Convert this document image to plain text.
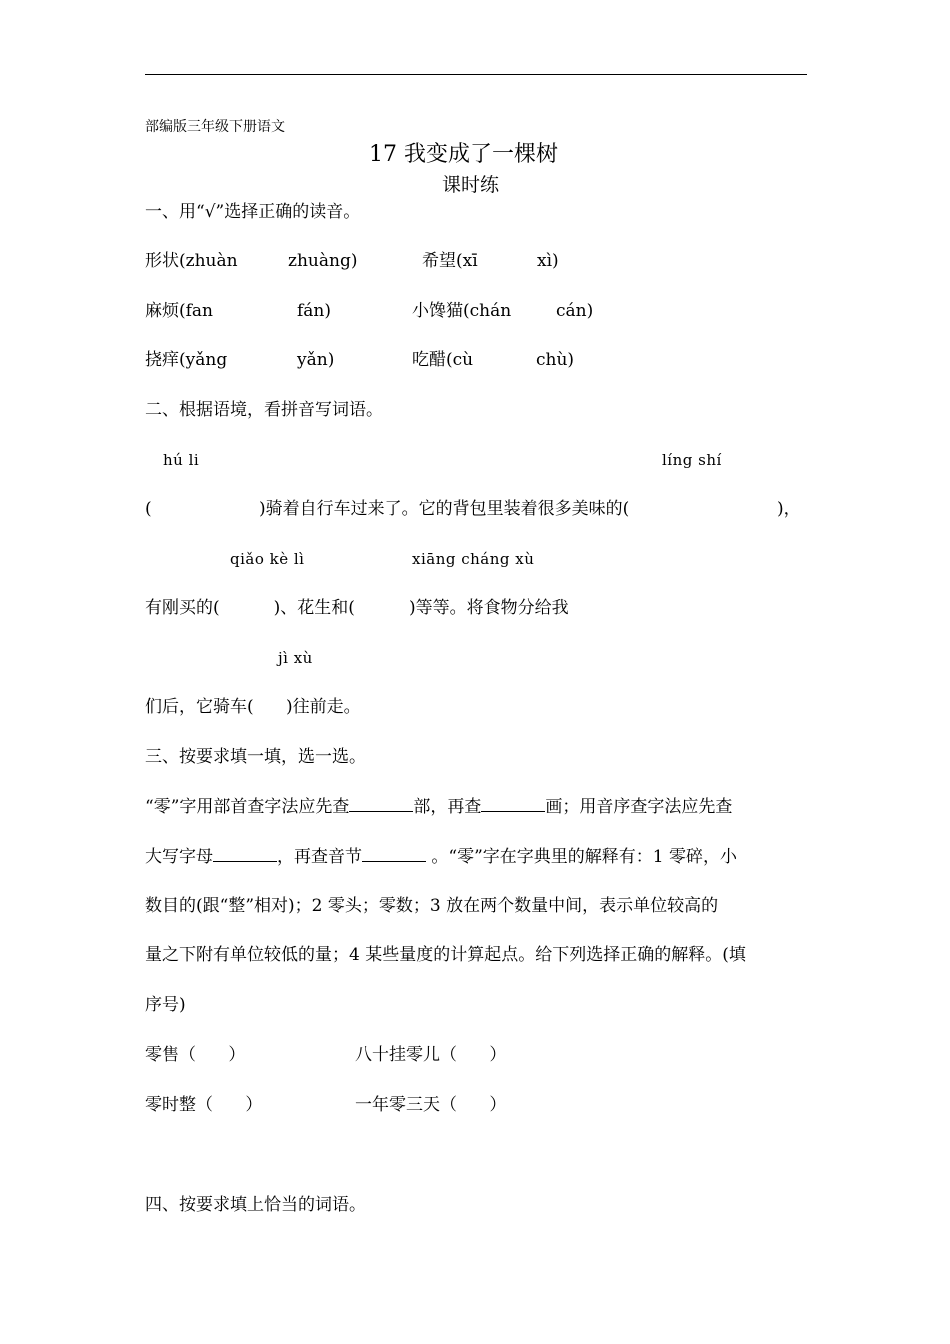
部编版三年级下册语文
17 我变成了一棵树
课时练
一、用“√”选择正确的读音。
形状(zhuàn	zhuàng)	希望(xī	xì)
麻烦(fan	fán)	小馋猫(chán	cán)
挠痒(yǎng	yǎn)	吃醋(cù	chù)
二、根据语境，看拼音写词语。
hú li	líng shí
(	)骑着自行车过来了。它的背包里装着很多美味的(	)，
qiǎo kè lì	xiāng cháng xù
有刚买的(          )、花生和(          )等等。将食物分给我
jì xù
们后，它骑车(      )往前走。
三、按要求填一填，选一选。
“零”字用部首查字法应先查	部，再查	画；用音序查字法应先查
大写字母	，再查音节	。“零”字在字典里的解释有：1 零碎，小
数目的(跟“整”相对)；2 零头；零数；3 放在两个数量中间，表示单位较高的
量之下附有单位较低的量；4 某些量度的计算起点。给下列选择正确的解释。(填
序号)
零售（      ）	八十挂零儿（      ）
零时整（      ）	一年零三天（      ）
四、按要求填上恰当的词语。
